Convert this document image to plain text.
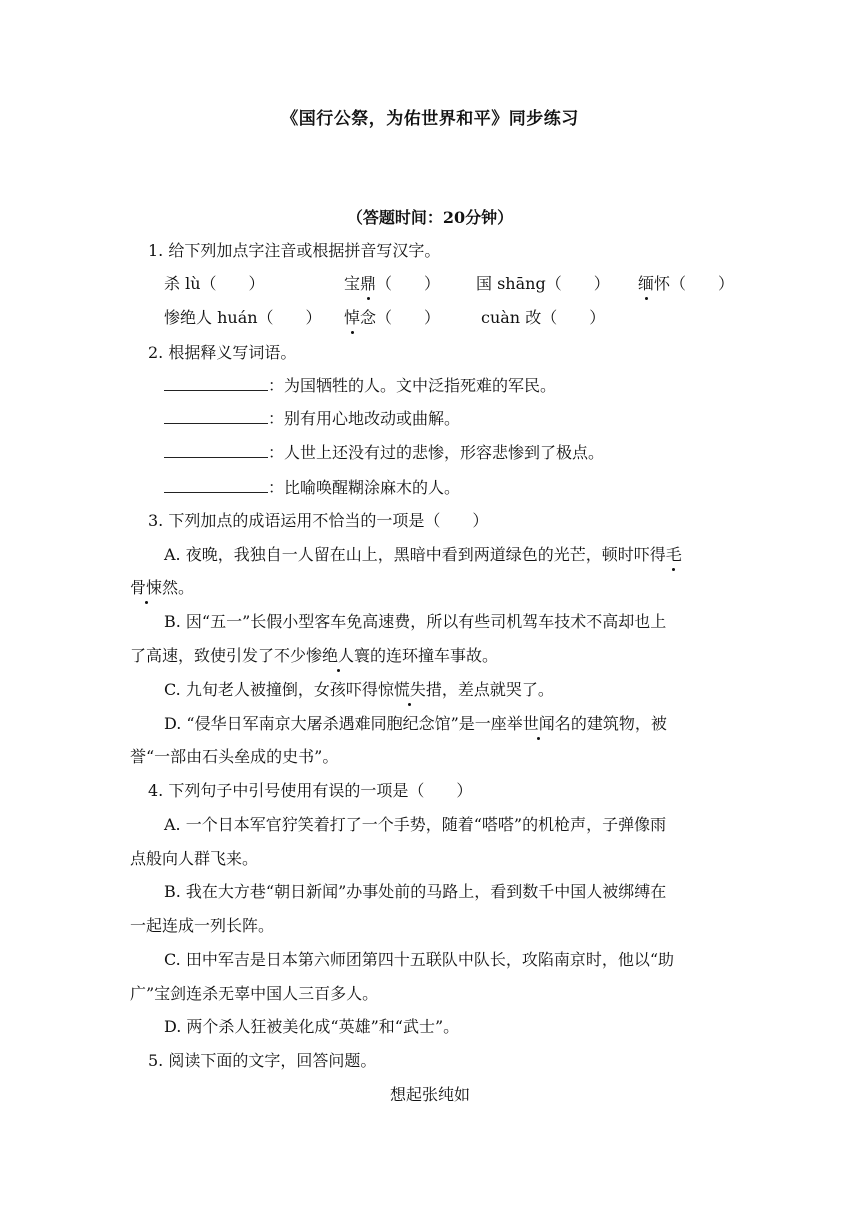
《国行公祭，为佑世界和平》同步练习
（答题时间：20分钟）
1. 给下列加点字注音或根据拼音写汉字。
杀 lù（　　）	宝鼎（　　） 国 shāng（　　） 缅怀（　　）
惨绝人 huán（　　） 悼念（　　）	cuàn 改（　　）
2. 根据释义写词语。
：为国牺牲的人。文中泛指死难的军民。
：别有用心地改动或曲解。
：人世上还没有过的悲惨，形容悲惨到了极点。
：比喻唤醒糊涂麻木的人。
3. 下列加点的成语运用不恰当的一项是（　　）
A. 夜晚，我独自一人留在山上，黑暗中看到两道绿色的光芒，顿时吓得毛
骨悚然。
B. 因“五一”长假小型客车免高速费，所以有些司机驾车技术不高却也上
了高速，致使引发了不少惨绝人寰的连环撞车事故。
C. 九旬老人被撞倒，女孩吓得惊慌失措，差点就哭了。
D. “侵华日军南京大屠杀遇难同胞纪念馆”是一座举世闻名的建筑物，被
誉“一部由石头垒成的史书”。
4. 下列句子中引号使用有误的一项是（　　）
A. 一个日本军官狞笑着打了一个手势，随着“嗒嗒”的机枪声，子弹像雨
点般向人群飞来。
B. 我在大方巷“朝日新闻”办事处前的马路上，看到数千中国人被绑缚在
一起连成一列长阵。
C. 田中军吉是日本第六师团第四十五联队中队长，攻陷南京时，他以“助
广”宝剑连杀无辜中国人三百多人。
D. 两个杀人狂被美化成“英雄”和“武士”。
5. 阅读下面的文字，回答问题。
想起张纯如
